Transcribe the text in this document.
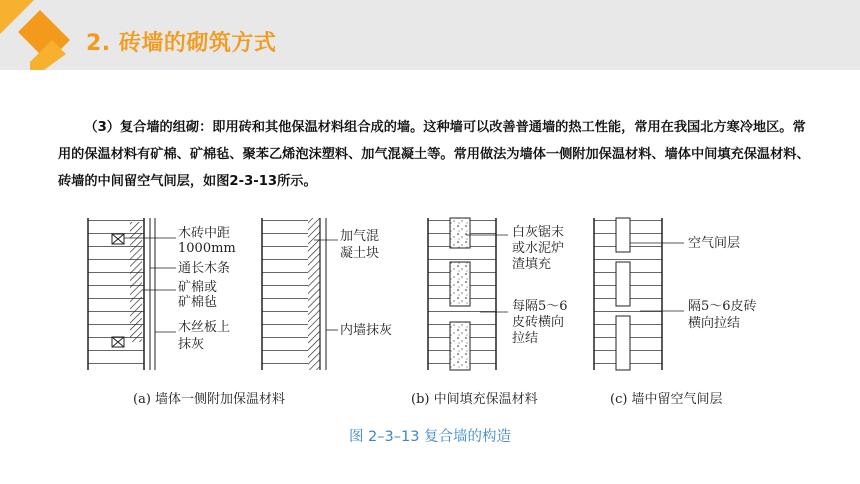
2. 砖墙的砌筑方式

（3）复合墙的组砌：即用砖和其他保温材料组合成的墙。这种墙可以改善普通墙的热工性能，常用在我国北方寒冷地区。常用的保温材料有矿棉、矿棉毡、聚苯乙烯泡沫塑料、加气混凝土等。常用做法为墙体一侧附加保温材料、墙体中间填充保温材料、砖墙的中间留空气间层，如图2-3-13所示。

木砖中距
1000mm
通长木条
矿棉或
矿棉毡
木丝板上
抹灰
加气混
凝土块
内墙抹灰
白灰锯末
或水泥炉
渣填充
每隔5～6
皮砖横向
拉结
空气间层
隔5～6皮砖
横向拉结
(a) 墙体一侧附加保温材料	(b) 中间填充保温材料	(c) 墙中留空气间层
图 2–3–13 复合墙的构造
